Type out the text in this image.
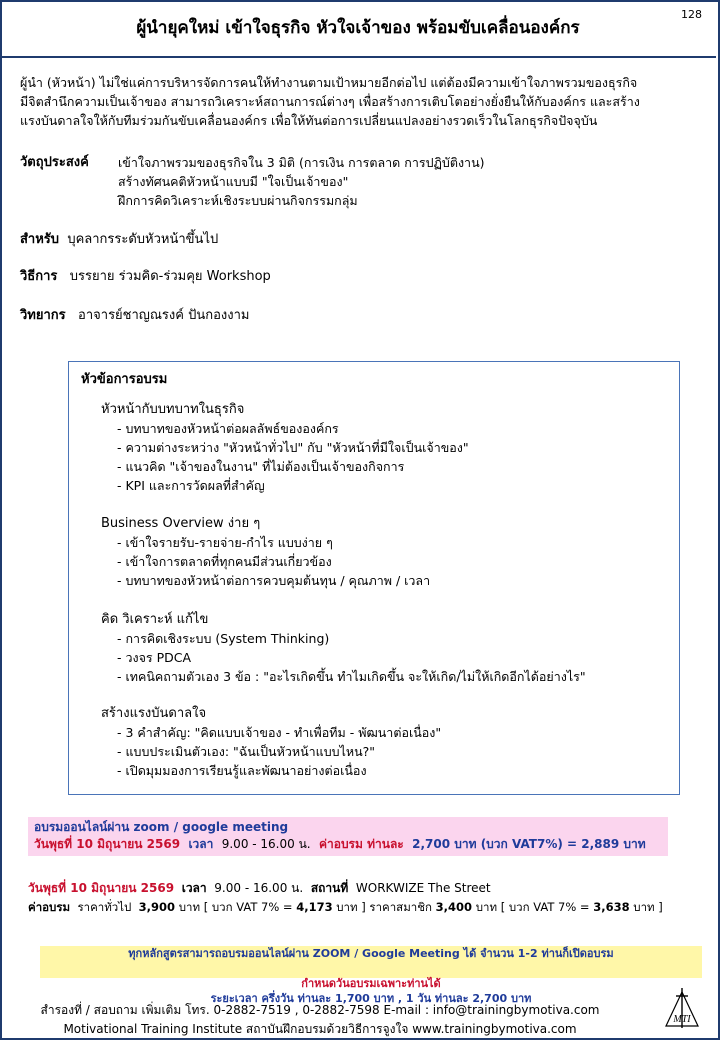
ผู้นำยุคใหม่ เข้าใจธุรกิจ หัวใจเจ้าของ พร้อมขับเคลื่อนองค์กร
128
ผู้นำ (หัวหน้า) ไม่ใช่แค่การบริหารจัดการคนให้ทำงานตามเป้าหมายอีกต่อไป แต่ต้องมีความเข้าใจภาพรวมของธุรกิจ
มีจิตสำนึกความเป็นเจ้าของ สามารถวิเคราะห์สถานการณ์ต่างๆ เพื่อสร้างการเติบโตอย่างยั่งยืนให้กับองค์กร และสร้าง
แรงบันดาลใจให้กับทีมร่วมกันขับเคลื่อนองค์กร เพื่อให้ทันต่อการเปลี่ยนแปลงอย่างรวดเร็วในโลกธุรกิจปัจจุบัน
วัตถุประสงค์ เข้าใจภาพรวมของธุรกิจใน 3 มิติ (การเงิน การตลาด การปฏิบัติงาน)
สร้างทัศนคติหัวหน้าแบบมี "ใจเป็นเจ้าของ"
ฝึกการคิดวิเคราะห์เชิงระบบผ่านกิจกรรมกลุ่ม
สำหรับ บุคลากรระดับหัวหน้าขึ้นไป
วิธีการ บรรยาย ร่วมคิด-ร่วมคุย Workshop
วิทยากร อาจารย์ชาญณรงค์ ปันกองงาม
หัวข้อการอบรม
หัวหน้ากับบทบาทในธุรกิจ
- บทบาทของหัวหน้าต่อผลลัพธ์ขององค์กร
- ความต่างระหว่าง "หัวหน้าทั่วไป" กับ "หัวหน้าที่มีใจเป็นเจ้าของ"
- แนวคิด "เจ้าของในงาน" ที่ไม่ต้องเป็นเจ้าของกิจการ
- KPI และการวัดผลที่สำคัญ
Business Overview ง่าย ๆ
- เข้าใจรายรับ-รายจ่าย-กำไร แบบง่าย ๆ
- เข้าใจการตลาดที่ทุกคนมีส่วนเกี่ยวข้อง
- บทบาทของหัวหน้าต่อการควบคุมต้นทุน / คุณภาพ / เวลา
คิด วิเคราะห์ แก้ไข
- การคิดเชิงระบบ (System Thinking)
- วงจร PDCA
- เทคนิคถามตัวเอง 3 ข้อ : "อะไรเกิดขึ้น ทำไมเกิดขึ้น จะให้เกิด/ไม่ให้เกิดอีกได้อย่างไร"
สร้างแรงบันดาลใจ
- 3 คำสำคัญ: "คิดแบบเจ้าของ - ทำเพื่อทีม - พัฒนาต่อเนื่อง"
- แบบประเมินตัวเอง: "ฉันเป็นหัวหน้าแบบไหน?"
- เปิดมุมมองการเรียนรู้และพัฒนาอย่างต่อเนื่อง
อบรมออนไลน์ผ่าน zoom / google meeting
วันพุธที่ 10 มิถุนายน 2569 เวลา 9.00 - 16.00 น. ค่าอบรม ท่านละ 2,700 บาท (บวก VAT7%) = 2,889 บาท
วันพุธที่ 10 มิถุนายน 2569 เวลา 9.00 - 16.00 น. สถานที่ WORKWIZE The Street
ค่าอบรม ราคาทั่วไป 3,900 บาท [ บวก VAT 7% = 4,173 บาท ] ราคาสมาชิก 3,400 บาท [ บวก VAT 7% = 3,638 บาท ]
ทุกหลักสูตรสามารถอบรมออนไลน์ผ่าน ZOOM / Google Meeting ได้ จำนวน 1-2 ท่านก็เปิดอบรม

กำหนดวันอบรมเฉพาะท่านได้
ระยะเวลา ครึ่งวัน ท่านละ 1,700 บาท , 1 วัน ท่านละ 2,700 บาท
สำรองที่ / สอบถาม เพิ่มเติม โทร. 0-2882-7519 , 0-2882-7598 E-mail : info@trainingbymotiva.com
Motivational Training Institute สถาบันฝึกอบรมด้วยวิธีการจูงใจ www.trainingbymotiva.com
MTI
